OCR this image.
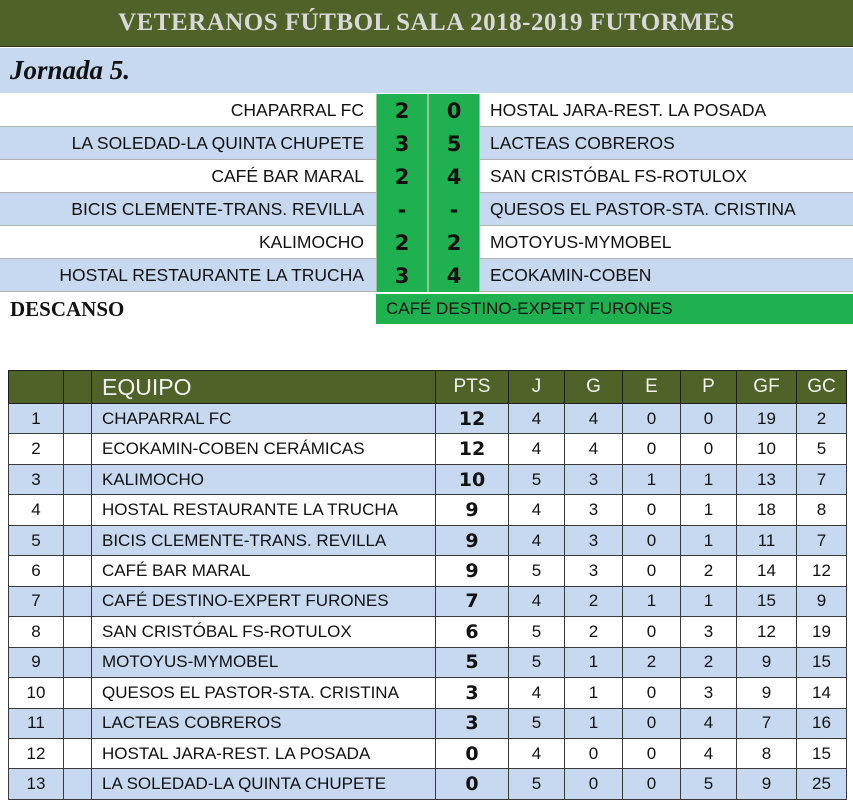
VETERANOS FÚTBOL SALA 2018-2019 FUTORMES
Jornada 5.
CHAPARRAL FC	2	0	HOSTAL JARA-REST. LA POSADA
LA SOLEDAD-LA QUINTA CHUPETE	3	5	LACTEAS COBREROS
CAFÉ BAR MARAL	2	4	SAN CRISTÓBAL FS-ROTULOX
BICIS CLEMENTE-TRANS. REVILLA	-	-	QUESOS EL PASTOR-STA. CRISTINA
KALIMOCHO	2	2	MOTOYUS-MYMOBEL
HOSTAL RESTAURANTE LA TRUCHA	3	4	ECOKAMIN-COBEN
DESCANSO	CAFÉ DESTINO-EXPERT FURONES
		EQUIPO	PTS	J	G	E	P	GF	GC
1		CHAPARRAL FC	12	4	4	0	0	19	2
2		ECOKAMIN-COBEN CERÁMICAS	12	4	4	0	0	10	5
3		KALIMOCHO	10	5	3	1	1	13	7
4		HOSTAL RESTAURANTE LA TRUCHA	9	4	3	0	1	18	8
5		BICIS CLEMENTE-TRANS. REVILLA	9	4	3	0	1	11	7
6		CAFÉ BAR MARAL	9	5	3	0	2	14	12
7		CAFÉ DESTINO-EXPERT FURONES	7	4	2	1	1	15	9
8		SAN CRISTÓBAL FS-ROTULOX	6	5	2	0	3	12	19
9		MOTOYUS-MYMOBEL	5	5	1	2	2	9	15
10		QUESOS EL PASTOR-STA. CRISTINA	3	4	1	0	3	9	14
11		LACTEAS COBREROS	3	5	1	0	4	7	16
12		HOSTAL JARA-REST. LA POSADA	0	4	0	0	4	8	15
13		LA SOLEDAD-LA QUINTA CHUPETE	0	5	0	0	5	9	25
